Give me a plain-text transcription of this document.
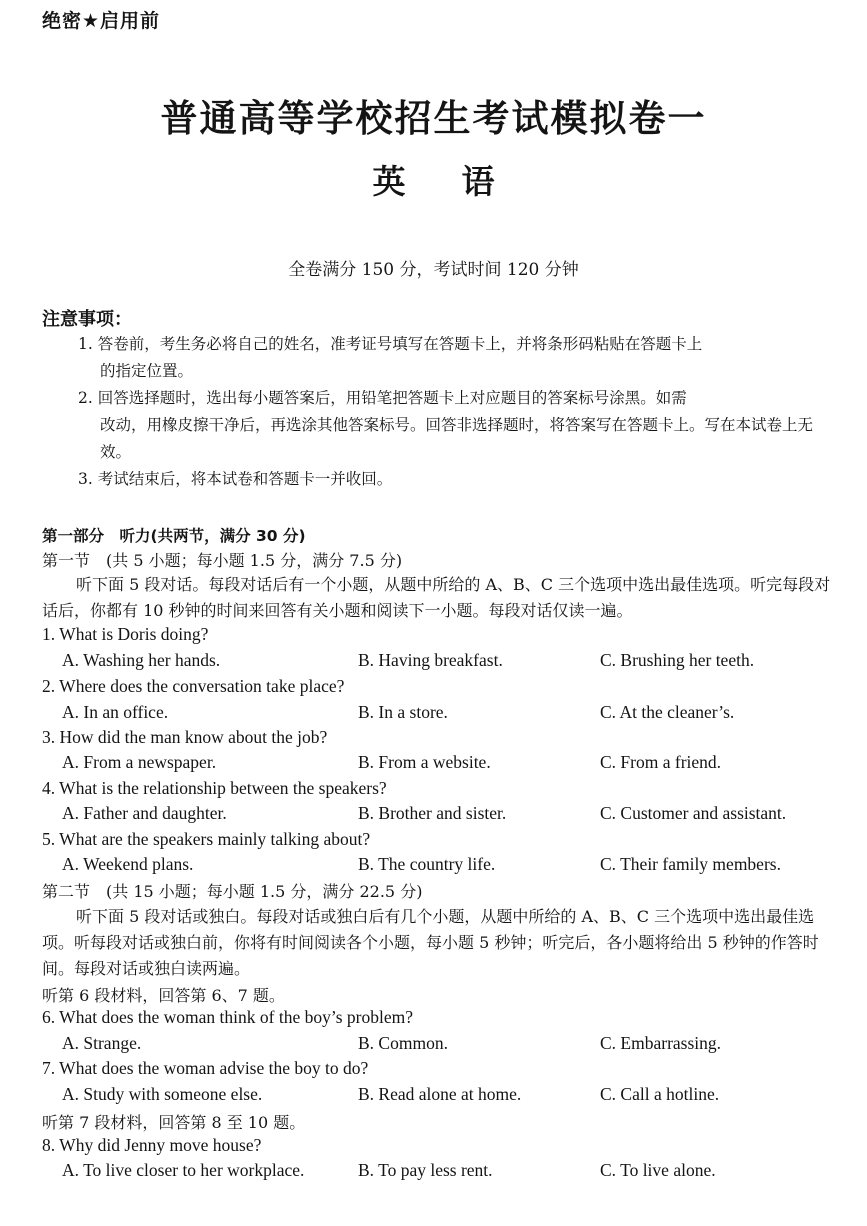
绝密★启用前
普通高等学校招生考试模拟卷一
英语
全卷满分 150 分，考试时间 120 分钟
注意事项：
1. 答卷前，考生务必将自己的姓名，准考证号填写在答题卡上，并将条形码粘贴在答题卡上
的指定位置。
2. 回答选择题时，选出每小题答案后，用铅笔把答题卡上对应题目的答案标号涂黑。如需
改动，用橡皮擦干净后，再选涂其他答案标号。回答非选择题时，将答案写在答题卡上。写在本试卷上无效。
3. 考试结束后，将本试卷和答题卡一并收回。
第一部分　听力(共两节，满分 30 分)
第一节　(共 5 小题；每小题 1.5 分，满分 7.5 分)
听下面 5 段对话。每段对话后有一个小题，从题中所给的 A、B、C 三个选项中选出最佳选项。听完每段对话后，你都有 10 秒钟的时间来回答有关小题和阅读下一小题。每段对话仅读一遍。
1. What is Doris doing?
A. Washing her hands.	B. Having breakfast.	C. Brushing her teeth.
2. Where does the conversation take place?
A. In an office.	B. In a store.	C. At the cleaner’s.
3. How did the man know about the job?
A. From a newspaper.	B. From a website.	C. From a friend.
4. What is the relationship between the speakers?
A. Father and daughter.	B. Brother and sister.	C. Customer and assistant.
5. What are the speakers mainly talking about?
A. Weekend plans.	B. The country life.	C. Their family members.
第二节　(共 15 小题；每小题 1.5 分，满分 22.5 分)
听下面 5 段对话或独白。每段对话或独白后有几个小题，从题中所给的 A、B、C 三个选项中选出最佳选项。听每段对话或独白前，你将有时间阅读各个小题，每小题 5 秒钟；听完后，各小题将给出 5 秒钟的作答时间。每段对话或独白读两遍。
听第 6 段材料，回答第 6、7 题。
6. What does the woman think of the boy’s problem?
A. Strange.	B. Common.	C. Embarrassing.
7. What does the woman advise the boy to do?
A. Study with someone else.	B. Read alone at home.	C. Call a hotline.
听第 7 段材料，回答第 8 至 10 题。
8. Why did Jenny move house?
A. To live closer to her workplace.	B. To pay less rent.	C. To live alone.
